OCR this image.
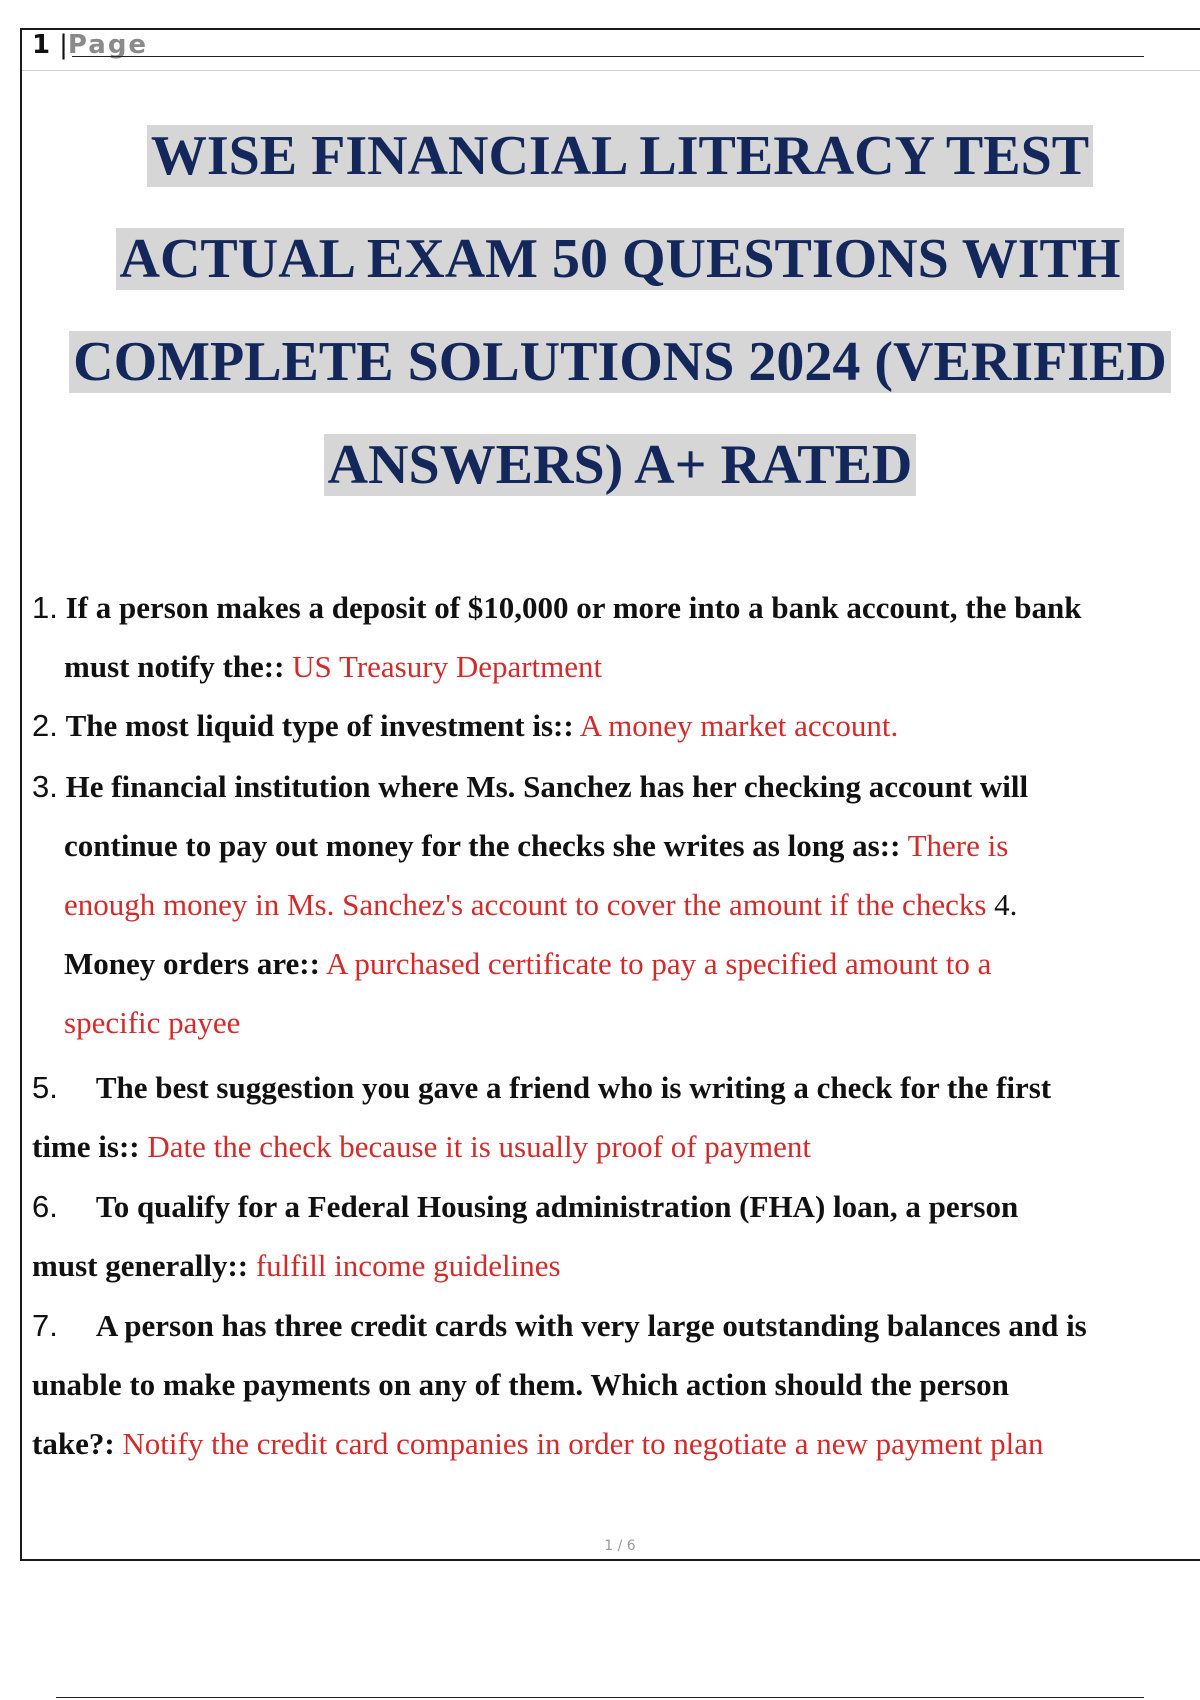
1 |Page
WISE FINANCIAL LITERACY TEST
ACTUAL EXAM 50 QUESTIONS WITH
COMPLETE SOLUTIONS 2024 (VERIFIED
ANSWERS) A+ RATED
1. If a person makes a deposit of $10,000 or more into a bank account, the bank
must notify the:: US Treasury Department
2. The most liquid type of investment is:: A money market account.
3. He financial institution where Ms. Sanchez has her checking account will
continue to pay out money for the checks she writes as long as:: There is
enough money in Ms. Sanchez's account to cover the amount if the checks 4.
Money orders are:: A purchased certificate to pay a specified amount to a
specific payee
5. The best suggestion you gave a friend who is writing a check for the first
time is:: Date the check because it is usually proof of payment
6. To qualify for a Federal Housing administration (FHA) loan, a person
must generally:: fulfill income guidelines
7. A person has three credit cards with very large outstanding balances and is
unable to make payments on any of them. Which action should the person
take?: Notify the credit card companies in order to negotiate a new payment plan
1 / 6
